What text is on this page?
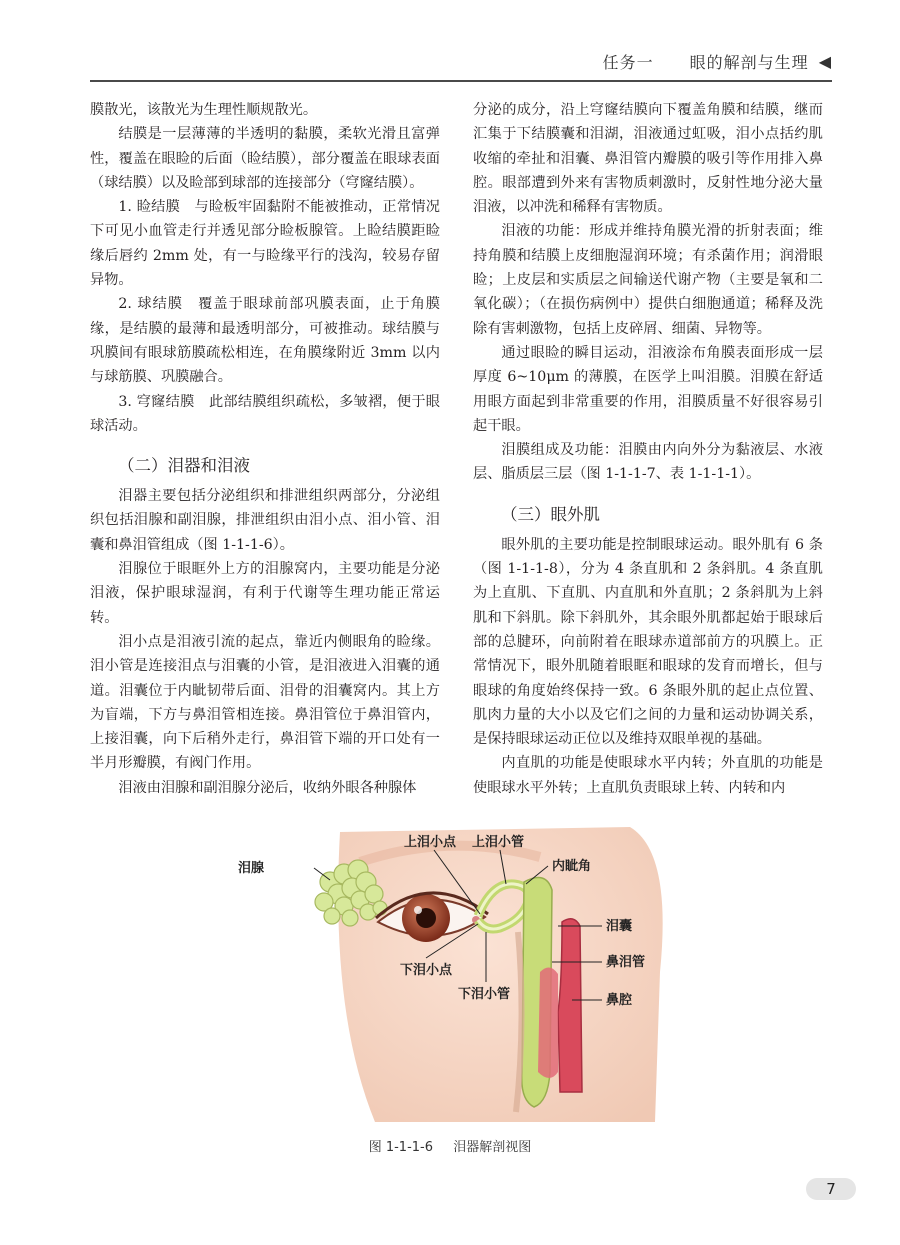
任务一 眼的解剖与生理 ◀

膜散光，该散光为生理性顺规散光。

结膜是一层薄薄的半透明的黏膜，柔软光滑且富弹性，覆盖在眼睑的后面（睑结膜），部分覆盖在眼球表面（球结膜）以及睑部到球部的连接部分（穹窿结膜）。

1. 睑结膜　与睑板牢固黏附不能被推动，正常情况下可见小血管走行并透见部分睑板腺管。上睑结膜距睑缘后唇约 2mm 处，有一与睑缘平行的浅沟，较易存留异物。

2. 球结膜　覆盖于眼球前部巩膜表面，止于角膜缘，是结膜的最薄和最透明部分，可被推动。球结膜与巩膜间有眼球筋膜疏松相连，在角膜缘附近 3mm 以内与球筋膜、巩膜融合。

3. 穹窿结膜　此部结膜组织疏松，多皱褶，便于眼球活动。

（二）泪器和泪液

泪器主要包括分泌组织和排泄组织两部分，分泌组织包括泪腺和副泪腺，排泄组织由泪小点、泪小管、泪囊和鼻泪管组成（图 1-1-1-6）。

泪腺位于眼眶外上方的泪腺窝内，主要功能是分泌泪液，保护眼球湿润，有利于代谢等生理功能正常运转。

泪小点是泪液引流的起点，靠近内侧眼角的睑缘。泪小管是连接泪点与泪囊的小管，是泪液进入泪囊的通道。泪囊位于内眦韧带后面、泪骨的泪囊窝内。其上方为盲端，下方与鼻泪管相连接。鼻泪管位于鼻泪管内，上接泪囊，向下后稍外走行，鼻泪管下端的开口处有一半月形瓣膜，有阀门作用。

泪液由泪腺和副泪腺分泌后，收纳外眼各种腺体

分泌的成分，沿上穹窿结膜向下覆盖角膜和结膜，继而汇集于下结膜囊和泪湖，泪液通过虹吸，泪小点括约肌收缩的牵扯和泪囊、鼻泪管内瓣膜的吸引等作用排入鼻腔。眼部遭到外来有害物质刺激时，反射性地分泌大量泪液，以冲洗和稀释有害物质。

泪液的功能：形成并维持角膜光滑的折射表面；维持角膜和结膜上皮细胞湿润环境；有杀菌作用；润滑眼睑；上皮层和实质层之间输送代谢产物（主要是氧和二氧化碳）；（在损伤病例中）提供白细胞通道；稀释及洗除有害刺激物，包括上皮碎屑、细菌、异物等。

通过眼睑的瞬目运动，泪液涂布角膜表面形成一层厚度 6~10μm 的薄膜，在医学上叫泪膜。泪膜在舒适用眼方面起到非常重要的作用，泪膜质量不好很容易引起干眼。

泪膜组成及功能：泪膜由内向外分为黏液层、水液层、脂质层三层（图 1-1-1-7、表 1-1-1-1）。

（三）眼外肌

眼外肌的主要功能是控制眼球运动。眼外肌有 6 条（图 1-1-1-8），分为 4 条直肌和 2 条斜肌。4 条直肌为上直肌、下直肌、内直肌和外直肌；2 条斜肌为上斜肌和下斜肌。除下斜肌外，其余眼外肌都起始于眼球后部的总腱环，向前附着在眼球赤道部前方的巩膜上。正常情况下，眼外肌随着眼眶和眼球的发育而增长，但与眼球的角度始终保持一致。6 条眼外肌的起止点位置、肌肉力量的大小以及它们之间的力量和运动协调关系，是保持眼球运动正位以及维持双眼单视的基础。

内直肌的功能是使眼球水平内转；外直肌的功能是使眼球水平外转；上直肌负责眼球上转、内转和内

泪腺
上泪小点 上泪小管
内眦角
泪囊
鼻泪管
鼻腔
下泪小点
下泪小管
图 1-1-1-6 泪器解剖视图
7
